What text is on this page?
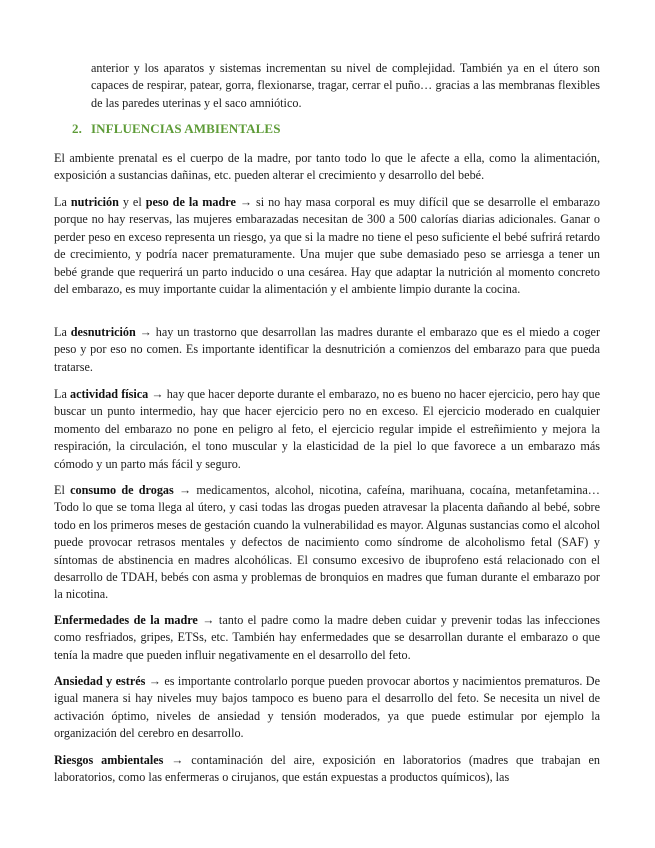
anterior y los aparatos y sistemas incrementan su nivel de complejidad. También ya en el útero son capaces de respirar, patear, gorra, flexionarse, tragar, cerrar el puño… gracias a las membranas flexibles de las paredes uterinas y el saco amniótico.

2. INFLUENCIAS AMBIENTALES

El ambiente prenatal es el cuerpo de la madre, por tanto todo lo que le afecte a ella, como la alimentación, exposición a sustancias dañinas, etc. pueden alterar el crecimiento y desarrollo del bebé.

La nutrición y el peso de la madre → si no hay masa corporal es muy difícil que se desarrolle el embarazo porque no hay reservas, las mujeres embarazadas necesitan de 300 a 500 calorías diarias adicionales. Ganar o perder peso en exceso representa un riesgo, ya que si la madre no tiene el peso suficiente el bebé sufrirá retardo de crecimiento, y podría nacer prematuramente. Una mujer que sube demasiado peso se arriesga a tener un bebé grande que requerirá un parto inducido o una cesárea. Hay que adaptar la nutrición al momento concreto del embarazo, es muy importante cuidar la alimentación y el ambiente limpio durante la cocina.

La desnutrición → hay un trastorno que desarrollan las madres durante el embarazo que es el miedo a coger peso y por eso no comen. Es importante identificar la desnutrición a comienzos del embarazo para que pueda tratarse.

La actividad física → hay que hacer deporte durante el embarazo, no es bueno no hacer ejercicio, pero hay que buscar un punto intermedio, hay que hacer ejercicio pero no en exceso. El ejercicio moderado en cualquier momento del embarazo no pone en peligro al feto, el ejercicio regular impide el estreñimiento y mejora la respiración, la circulación, el tono muscular y la elasticidad de la piel lo que favorece a un embarazo más cómodo y un parto más fácil y seguro.

El consumo de drogas → medicamentos, alcohol, nicotina, cafeína, marihuana, cocaína, metanfetamina… Todo lo que se toma llega al útero, y casi todas las drogas pueden atravesar la placenta dañando al bebé, sobre todo en los primeros meses de gestación cuando la vulnerabilidad es mayor. Algunas sustancias como el alcohol puede provocar retrasos mentales y defectos de nacimiento como síndrome de alcoholismo fetal (SAF) y síntomas de abstinencia en madres alcohólicas. El consumo excesivo de ibuprofeno está relacionado con el desarrollo de TDAH, bebés con asma y problemas de bronquios en madres que fuman durante el embarazo por la nicotina.

Enfermedades de la madre → tanto el padre como la madre deben cuidar y prevenir todas las infecciones como resfriados, gripes, ETSs, etc. También hay enfermedades que se desarrollan durante el embarazo o que tenía la madre que pueden influir negativamente en el desarrollo del feto.

Ansiedad y estrés → es importante controlarlo porque pueden provocar abortos y nacimientos prematuros. De igual manera si hay niveles muy bajos tampoco es bueno para el desarrollo del feto. Se necesita un nivel de activación óptimo, niveles de ansiedad y tensión moderados, ya que puede estimular por ejemplo la organización del cerebro en desarrollo.

Riesgos ambientales → contaminación del aire, exposición en laboratorios (madres que trabajan en laboratorios, como las enfermeras o cirujanos, que están expuestas a productos químicos), las
